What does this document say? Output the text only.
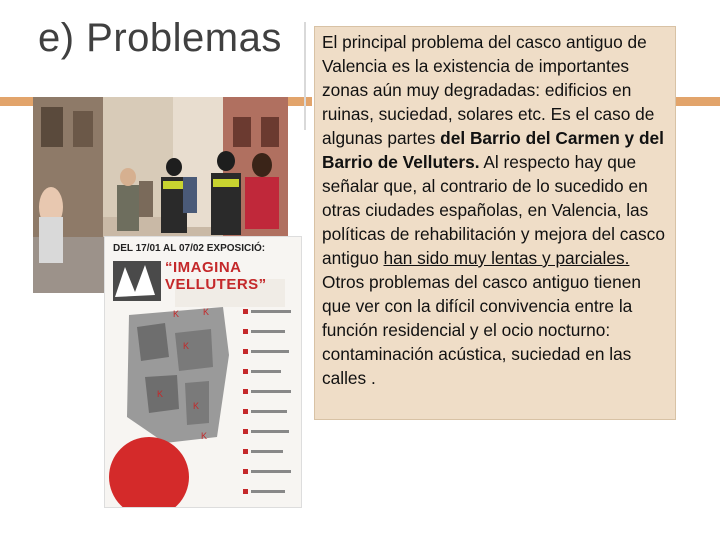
e) Problemas
K	K
K
K
K
K
DEL 17/01 AL 07/02 EXPOSICIÓ:
“IMAGINA VELLUTERS”
El principal problema del casco antiguo de Valencia es la existencia de importantes zonas aún muy degradadas: edificios en ruinas, suciedad, solares etc. Es el caso de algunas partes del Barrio del Carmen y del Barrio de Velluters. Al respecto hay que señalar que, al contrario de lo sucedido en otras ciudades españolas, en Valencia, las políticas de rehabilitación y mejora del casco antiguo han sido muy lentas y parciales.
Otros problemas del casco antiguo tienen que ver con la difícil convivencia entre la función residencial y el ocio nocturno: contaminación acústica, suciedad en las calles .
